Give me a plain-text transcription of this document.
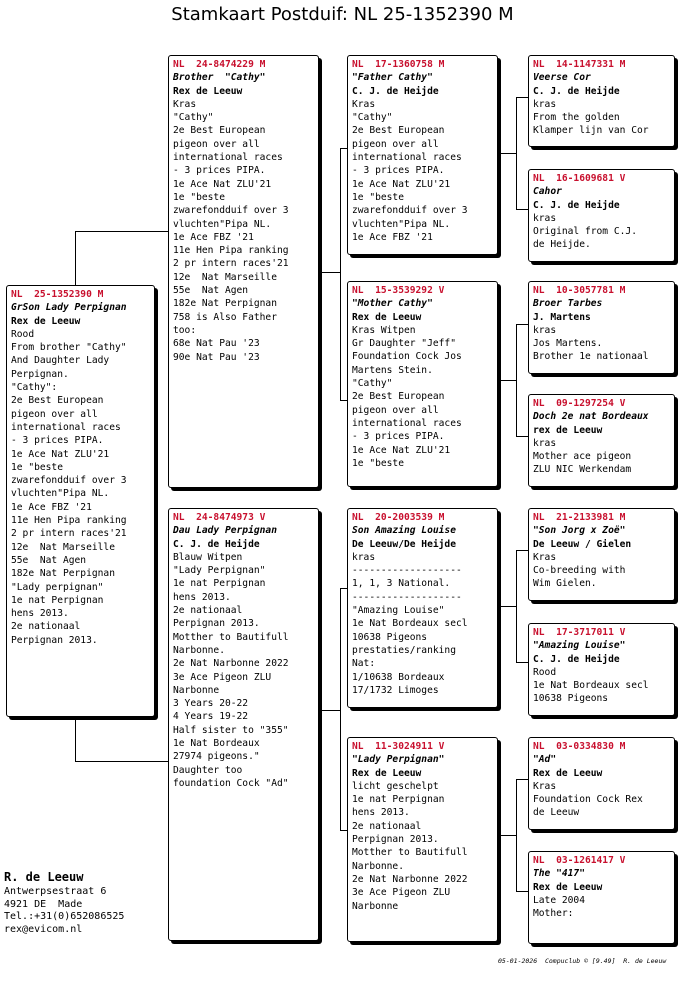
Stamkaart Postduif: NL 25-1352390 M
NL  25-1352390 M
GrSon Lady Perpignan
Rex de Leeuw
Rood
From brother "Cathy"
And Daughter Lady
Perpignan.
"Cathy":
2e Best European
pigeon over all
international races
- 3 prices PIPA.
1e Ace Nat ZLU'21
1e "beste
zwarefondduif over 3
vluchten"Pipa NL.
1e Ace FBZ '21
11e Hen Pipa ranking
2 pr intern races'21
12e  Nat Marseille
55e  Nat Agen
182e Nat Perpignan
"Lady perpignan"
1e nat Perpignan
hens 2013.
2e nationaal
Perpignan 2013.
NL  24-8474229 M
Brother  "Cathy"
Rex de Leeuw
Kras
"Cathy"
2e Best European
pigeon over all
international races
- 3 prices PIPA.
1e Ace Nat ZLU'21
1e "beste
zwarefondduif over 3
vluchten"Pipa NL.
1e Ace FBZ '21
11e Hen Pipa ranking
2 pr intern races'21
12e  Nat Marseille
55e  Nat Agen
182e Nat Perpignan
758 is Also Father
too:
68e Nat Pau '23
90e Nat Pau '23
NL  24-8474973 V
Dau Lady Perpignan
C. J. de Heijde
Blauw Witpen
"Lady Perpignan"
1e nat Perpignan
hens 2013.
2e nationaal
Perpignan 2013.
Motther to Bautifull
Narbonne.
2e Nat Narbonne 2022
3e Ace Pigeon ZLU
Narbonne
3 Years 20-22
4 Years 19-22
Half sister to "355"
1e Nat Bordeaux
27974 pigeons."
Daughter too
foundation Cock "Ad"
NL  17-1360758 M
"Father Cathy"
C. J. de Heijde
Kras
"Cathy"
2e Best European
pigeon over all
international races
- 3 prices PIPA.
1e Ace Nat ZLU'21
1e "beste
zwarefondduif over 3
vluchten"Pipa NL.
1e Ace FBZ '21
NL  15-3539292 V
"Mother Cathy"
Rex de Leeuw
Kras Witpen
Gr Daughter "Jeff"
Foundation Cock Jos
Martens Stein.
"Cathy"
2e Best European
pigeon over all
international races
- 3 prices PIPA.
1e Ace Nat ZLU'21
1e "beste
NL  20-2003539 M
Son Amazing Louise
De Leeuw/De Heijde
kras
-------------------
1, 1, 3 National.
-------------------
"Amazing Louise"
1e Nat Bordeaux secl
10638 Pigeons
prestaties/ranking
Nat:
1/10638 Bordeaux
17/1732 Limoges
NL  11-3024911 V
"Lady Perpignan"
Rex de Leeuw
licht geschelpt
1e nat Perpignan
hens 2013.
2e nationaal
Perpignan 2013.
Motther to Bautifull
Narbonne.
2e Nat Narbonne 2022
3e Ace Pigeon ZLU
Narbonne
NL  14-1147331 M
Veerse Cor
C. J. de Heijde
kras
From the golden
Klamper lijn van Cor
NL  16-1609681 V
Cahor
C. J. de Heijde
kras
Original from C.J.
de Heijde.
NL  10-3057781 M
Broer Tarbes
J. Martens
kras
Jos Martens.
Brother 1e nationaal
NL  09-1297254 V
Doch 2e nat Bordeaux
rex de Leeuw
kras
Mother ace pigeon
ZLU NIC Werkendam
NL  21-2133981 M
"Son Jorg x Zoë"
De Leeuw / Gielen
Kras
Co-breeding with
Wim Gielen.
NL  17-3717011 V
"Amazing Louise"
C. J. de Heijde
Rood
1e Nat Bordeaux secl
10638 Pigeons
NL  03-0334830 M
"Ad"
Rex de Leeuw
Kras
Foundation Cock Rex
de Leeuw
NL  03-1261417 V
The "417"
Rex de Leeuw
Late 2004
Mother:
R. de Leeuw
Antwerpsestraat 6
4921 DE  Made
Tel.:+31(0)652086525
rex@evicom.nl
05-01-2026  Compuclub © [9.49]  R. de Leeuw
